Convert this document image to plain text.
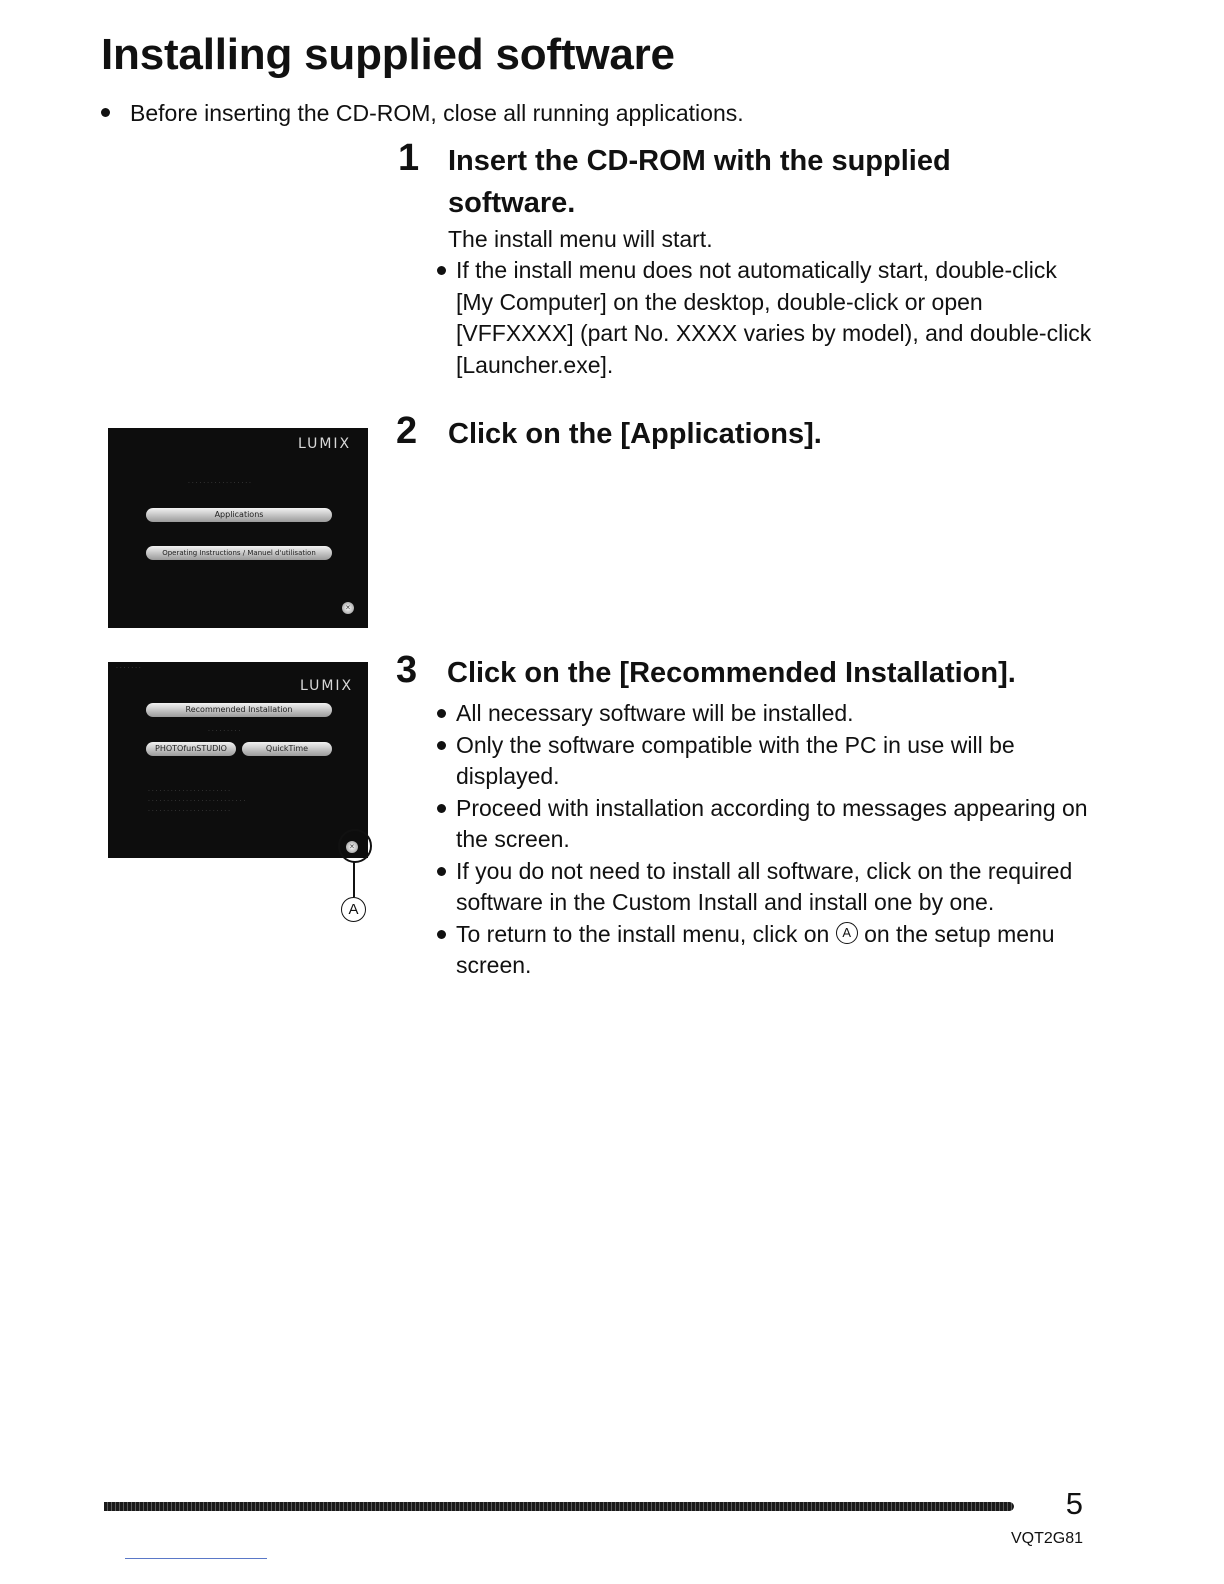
Installing supplied software
Before inserting the CD-ROM, close all running applications.
1 Insert the CD-ROM with the supplied
software.
The install menu will start.
If the install menu does not automatically start, double-click [My Computer] on the desktop, double-click or open [VFFXXXX] (part No. XXXX varies by model), and double-click [Launcher.exe].
LUMIX
· · · · · · · · · · · · · · · · ·
Applications
Operating Instructions / Manuel d'utilisation
×
2 Click on the [Applications].
· · · · · · ·
LUMIX
Recommended Installation
· · · · · · · · ·
PHOTOfunSTUDIO	QuickTime
· · · · · · · · · · · · · · · · · · · · · ·
· · · · · · · · · · · · · · · · · · · · · · · · · ·
· · · · · · · · · · · · · · · · · · · · · ·
×
A
3 Click on the [Recommended Installation].
All necessary software will be installed.
Only the software compatible with the PC in use will be displayed.
Proceed with installation according to messages appearing on the screen.
If you do not need to install all software, click on the required software in the Custom Install and install one by one.
To return to the install menu, click on A on the setup menu screen.
5
VQT2G81
